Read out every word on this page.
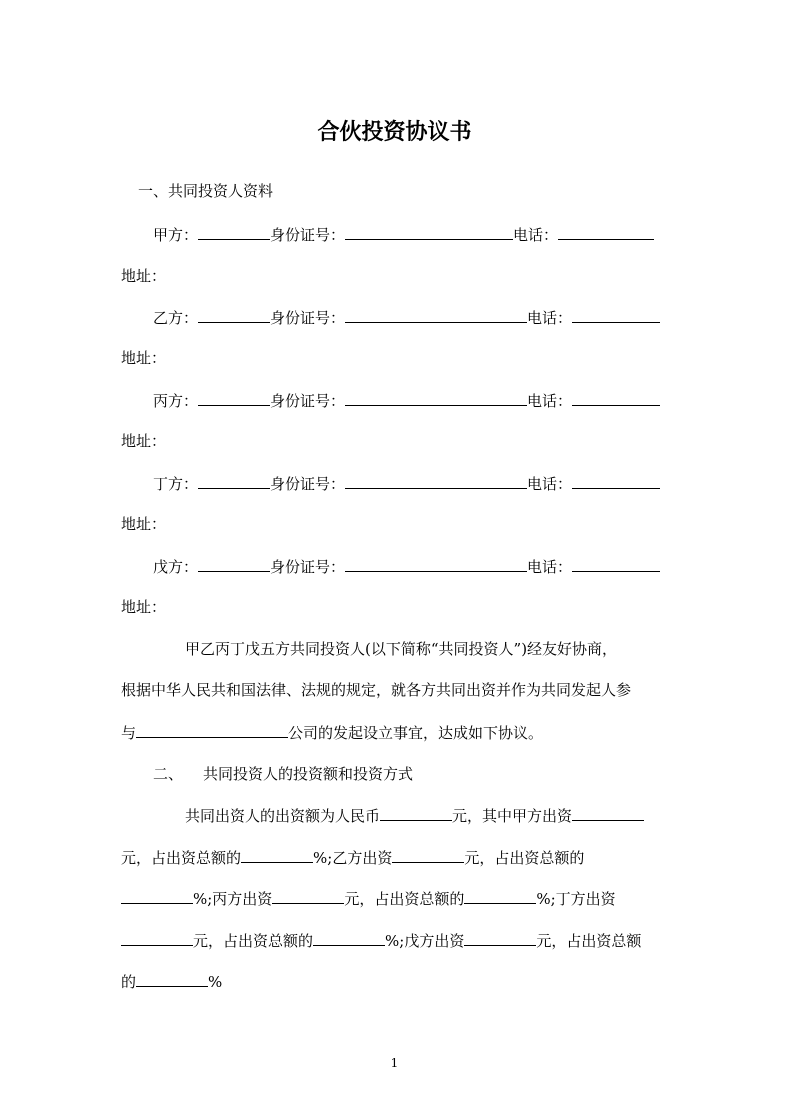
合伙投资协议书
一、共同投资人资料
甲方：	身份证号：	电话：
地址：
乙方：	身份证号：	电话：
地址：
丙方：	身份证号：	电话：
地址：
丁方：	身份证号：	电话：
地址：
戊方：	身份证号：	电话：
地址：
甲乙丙丁戊五方共同投资人(以下简称“共同投资人”)经友好协商，
根据中华人民共和国法律、法规的规定，就各方共同出资并作为共同发起人参
与	公司的发起设立事宜，达成如下协议。
二、 共同投资人的投资额和投资方式
共同出资人的出资额为人民币	元，其中甲方出资
元，占出资总额的	%;乙方出资	元，占出资总额的
%;丙方出资	元，占出资总额的	%;丁方出资
元，占出资总额的	%;戊方出资	元，占出资总额
的	%
1
